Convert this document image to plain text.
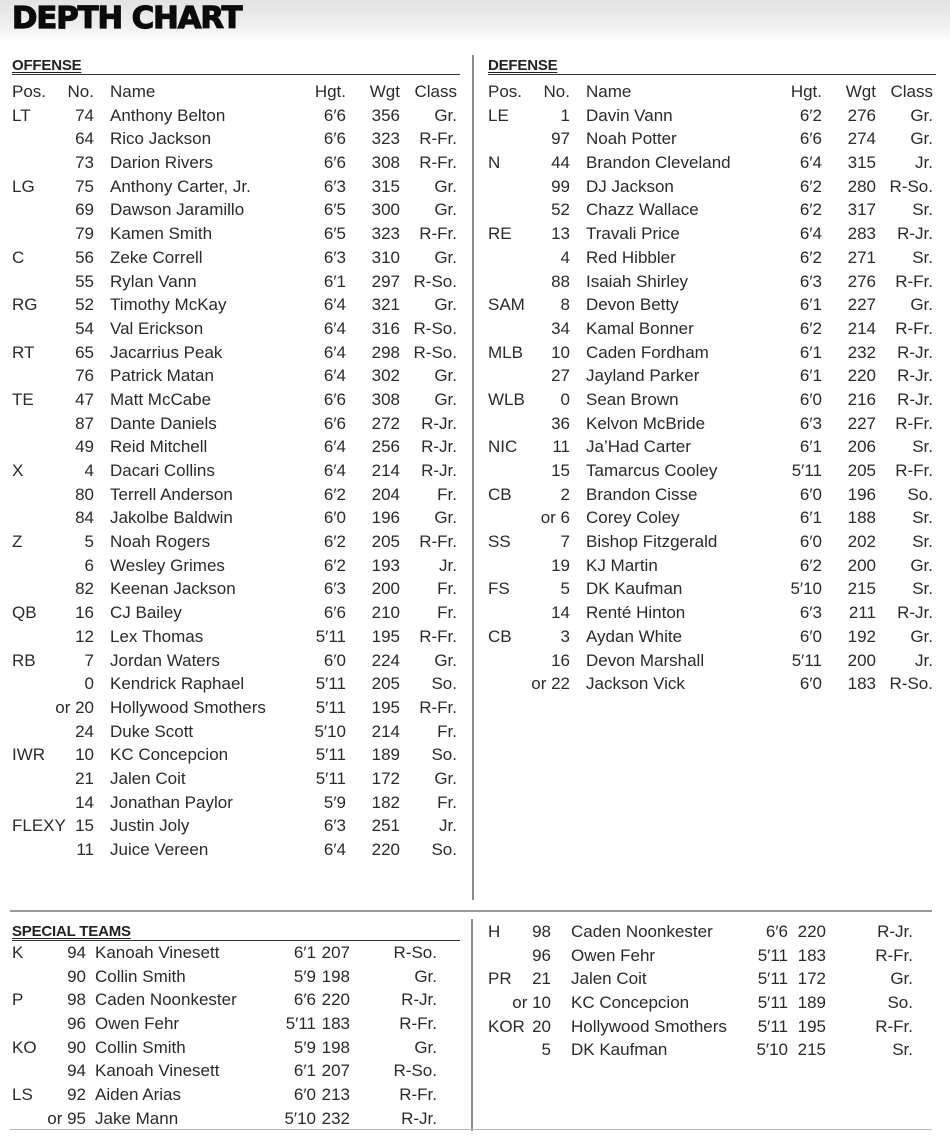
DEPTH CHART
OFFENSE
Pos.	No. Name	Hgt.	Wgt Class
LT	74 Anthony Belton	6′6	356	Gr.
64 Rico Jackson	6′6	323	R-Fr.
73 Darion Rivers	6′6	308	R-Fr.
LG	75 Anthony Carter, Jr.	6′3	315	Gr.
69 Dawson Jaramillo	6′5	300	Gr.
79 Kamen Smith	6′5	323	R-Fr.
C	56 Zeke Correll	6′3	310	Gr.
55 Rylan Vann	6′1	297 R-So.
RG	52 Timothy McKay	6′4	321	Gr.
54 Val Erickson	6′4	316 R-So.
RT	65 Jacarrius Peak	6′4	298 R-So.
76 Patrick Matan	6′4	302	Gr.
TE	47 Matt McCabe	6′6	308	Gr.
87 Dante Daniels	6′6	272	R-Jr.
49 Reid Mitchell	6′4	256	R-Jr.
X	4 Dacari Collins	6′4	214	R-Jr.
80 Terrell Anderson	6′2	204	Fr.
84 Jakolbe Baldwin	6′0	196	Gr.
Z	5 Noah Rogers	6′2	205	R-Fr.
6 Wesley Grimes	6′2	193	Jr.
82 Keenan Jackson	6′3	200	Fr.
QB	16 CJ Bailey	6′6	210	Fr.
12 Lex Thomas	5′11	195	R-Fr.
RB	7 Jordan Waters	6′0	224	Gr.
0 Kendrick Raphael	5′11	205	So.
or 20 Hollywood Smothers	5′11	195	R-Fr.
24 Duke Scott	5′10	214	Fr.
IWR	10 KC Concepcion	5′11	189	So.
21 Jalen Coit	5′11	172	Gr.
14 Jonathan Paylor	5′9	182	Fr.
FLEXY 15 Justin Joly	6′3	251	Jr.
11 Juice Vereen	6′4	220	So.
DEFENSE
Pos.	No. Name	Hgt.	Wgt Class
LE	1 Davin Vann	6′2	276	Gr.
97 Noah Potter	6′6	274	Gr.
N	44 Brandon Cleveland	6′4	315	Jr.
99 DJ Jackson	6′2	280 R-So.
52 Chazz Wallace	6′2	317	Sr.
RE	13 Travali Price	6′4	283	R-Jr.
4 Red Hibbler	6′2	271	Sr.
88 Isaiah Shirley	6′3	276	R-Fr.
SAM	8 Devon Betty	6′1	227	Gr.
34 Kamal Bonner	6′2	214	R-Fr.
MLB	10 Caden Fordham	6′1	232	R-Jr.
27 Jayland Parker	6′1	220	R-Jr.
WLB	0 Sean Brown	6′0	216	R-Jr.
36 Kelvon McBride	6′3	227	R-Fr.
NIC	11 Ja’Had Carter	6′1	206	Sr.
15 Tamarcus Cooley	5′11	205	R-Fr.
CB	2 Brandon Cisse	6′0	196	So.
or 6 Corey Coley	6′1	188	Sr.
SS	7 Bishop Fitzgerald	6′0	202	Sr.
19 KJ Martin	6′2	200	Gr.
FS	5 DK Kaufman	5′10	215	Sr.
14 Renté Hinton	6′3	211	R-Jr.
CB	3 Aydan White	6′0	192	Gr.
16 Devon Marshall	5′11	200	Jr.
or 22 Jackson Vick	6′0	183 R-So.
SPECIAL TEAMS
K	94 Kanoah Vinesett	6′1 207	R-So.
90 Collin Smith	5′9 198	Gr.
P	98 Caden Noonkester	6′6 220	R-Jr.
96 Owen Fehr	5′11 183	R-Fr.
KO	90 Collin Smith	5′9 198	Gr.
94 Kanoah Vinesett	6′1 207	R-So.
LS	92 Aiden Arias	6′0 213	R-Fr.
or 95 Jake Mann	5′10 232	R-Jr.
H	98 Caden Noonkester	6′6 220	R-Jr.
96 Owen Fehr	5′11 183	R-Fr.
PR	21 Jalen Coit	5′11 172	Gr.
or 10 KC Concepcion	5′11 189	So.
KOR 20 Hollywood Smothers	5′11 195	R-Fr.
5 DK Kaufman	5′10 215	Sr.
